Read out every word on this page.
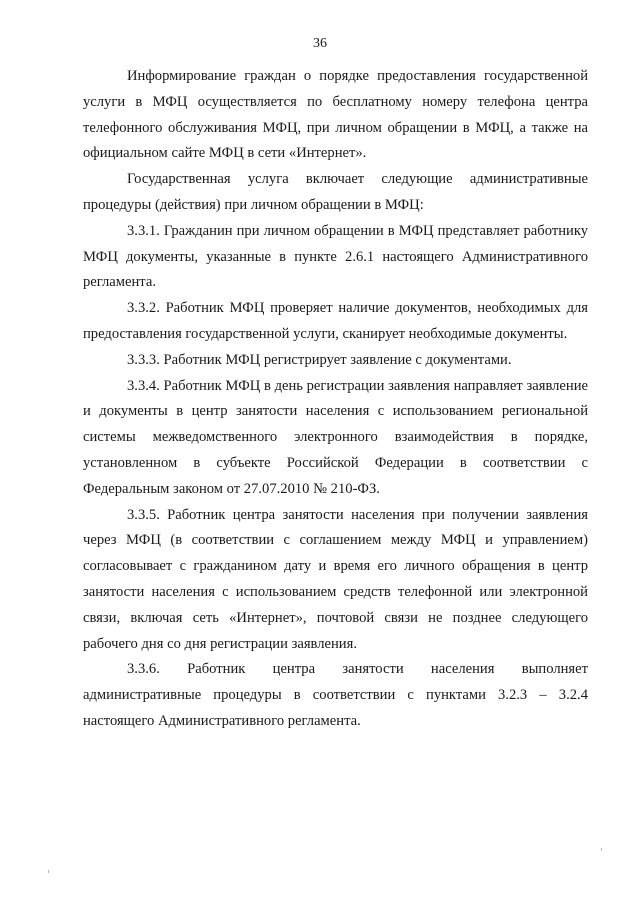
36

Информирование граждан о порядке предоставления государственной услуги в МФЦ осуществляется по бесплатному номеру телефона центра телефонного обслуживания МФЦ, при личном обращении в МФЦ, а также на официальном сайте МФЦ в сети «Интернет».

Государственная услуга включает следующие административные процедуры (действия) при личном обращении в МФЦ:

3.3.1. Гражданин при личном обращении в МФЦ представляет работнику МФЦ документы, указанные в пункте 2.6.1 настоящего Административного регламента.

3.3.2. Работник МФЦ проверяет наличие документов, необходимых для предоставления государственной услуги, сканирует необходимые документы.

3.3.3. Работник МФЦ регистрирует заявление с документами.

3.3.4. Работник МФЦ в день регистрации заявления направляет заявление и документы в центр занятости населения с использованием региональной системы межведомственного электронного взаимодействия в порядке, установленном в субъекте Российской Федерации в соответствии с Федеральным законом от 27.07.2010 № 210-ФЗ.

3.3.5. Работник центра занятости населения при получении заявления через МФЦ (в соответствии с соглашением между МФЦ и управлением) согласовывает с гражданином дату и время его личного обращения в центр занятости населения с использованием средств телефонной или электронной связи, включая сеть «Интернет», почтовой связи не позднее следующего рабочего дня со дня регистрации заявления.

3.3.6. Работник центра занятости населения выполняет административные процедуры в соответствии с пунктами 3.2.3 – 3.2.4 настоящего Административного регламента.
